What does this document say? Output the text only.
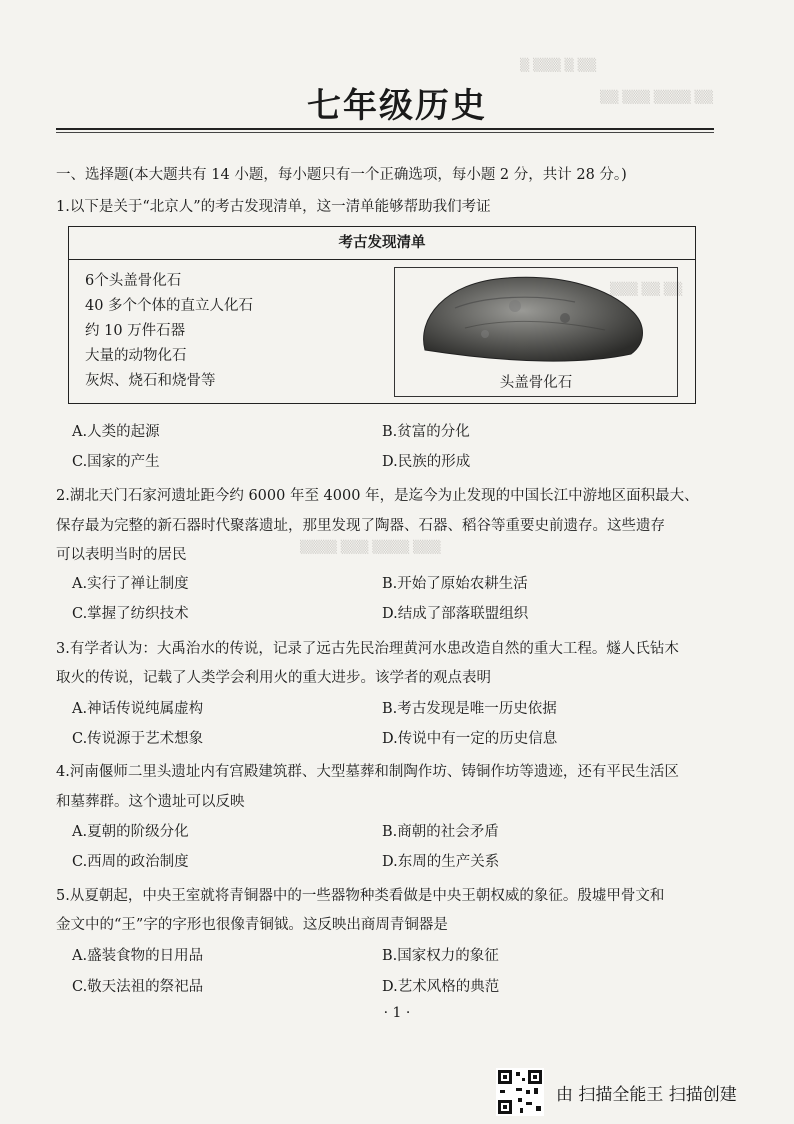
▒ ▒▒▒ ▒ ▒▒
▒▒ ▒▒▒ ▒▒▒▒ ▒▒
▒▒▒ ▒▒ ▒▒
▒▒▒▒ ▒▒▒ ▒▒▒▒ ▒▒▒
七年级历史
一、选择题(本大题共有 14 小题，每小题只有一个正确选项，每小题 2 分，共计 28 分。)
1.以下是关于“北京人”的考古发现清单，这一清单能够帮助我们考证
考古发现清单
6个头盖骨化石
40 多个个体的直立人化石
约 10 万件石器
大量的动物化石
灰烬、烧石和烧骨等	头盖骨化石
A.人类的起源	B.贫富的分化
C.国家的产生	D.民族的形成
2.湖北天门石家河遗址距今约 6000 年至 4000 年，是迄今为止发现的中国长江中游地区面积最大、
保存最为完整的新石器时代聚落遗址，那里发现了陶器、石器、稻谷等重要史前遗存。这些遗存
可以表明当时的居民
A.实行了禅让制度	B.开始了原始农耕生活
C.掌握了纺织技术	D.结成了部落联盟组织
3.有学者认为：大禹治水的传说，记录了远古先民治理黄河水患改造自然的重大工程。燧人氏钻木
取火的传说，记载了人类学会利用火的重大进步。该学者的观点表明
A.神话传说纯属虚构	B.考古发现是唯一历史依据
C.传说源于艺术想象	D.传说中有一定的历史信息
4.河南偃师二里头遗址内有宫殿建筑群、大型墓葬和制陶作坊、铸铜作坊等遗迹，还有平民生活区
和墓葬群。这个遗址可以反映
A.夏朝的阶级分化	B.商朝的社会矛盾
C.西周的政治制度	D.东周的生产关系
5.从夏朝起，中央王室就将青铜器中的一些器物种类看做是中央王朝权威的象征。殷墟甲骨文和
金文中的“王”字的字形也很像青铜钺。这反映出商周青铜器是
A.盛装食物的日用品	B.国家权力的象征
C.敬天法祖的祭祀品	D.艺术风格的典范
· 1 ·
由 扫描全能王 扫描创建
